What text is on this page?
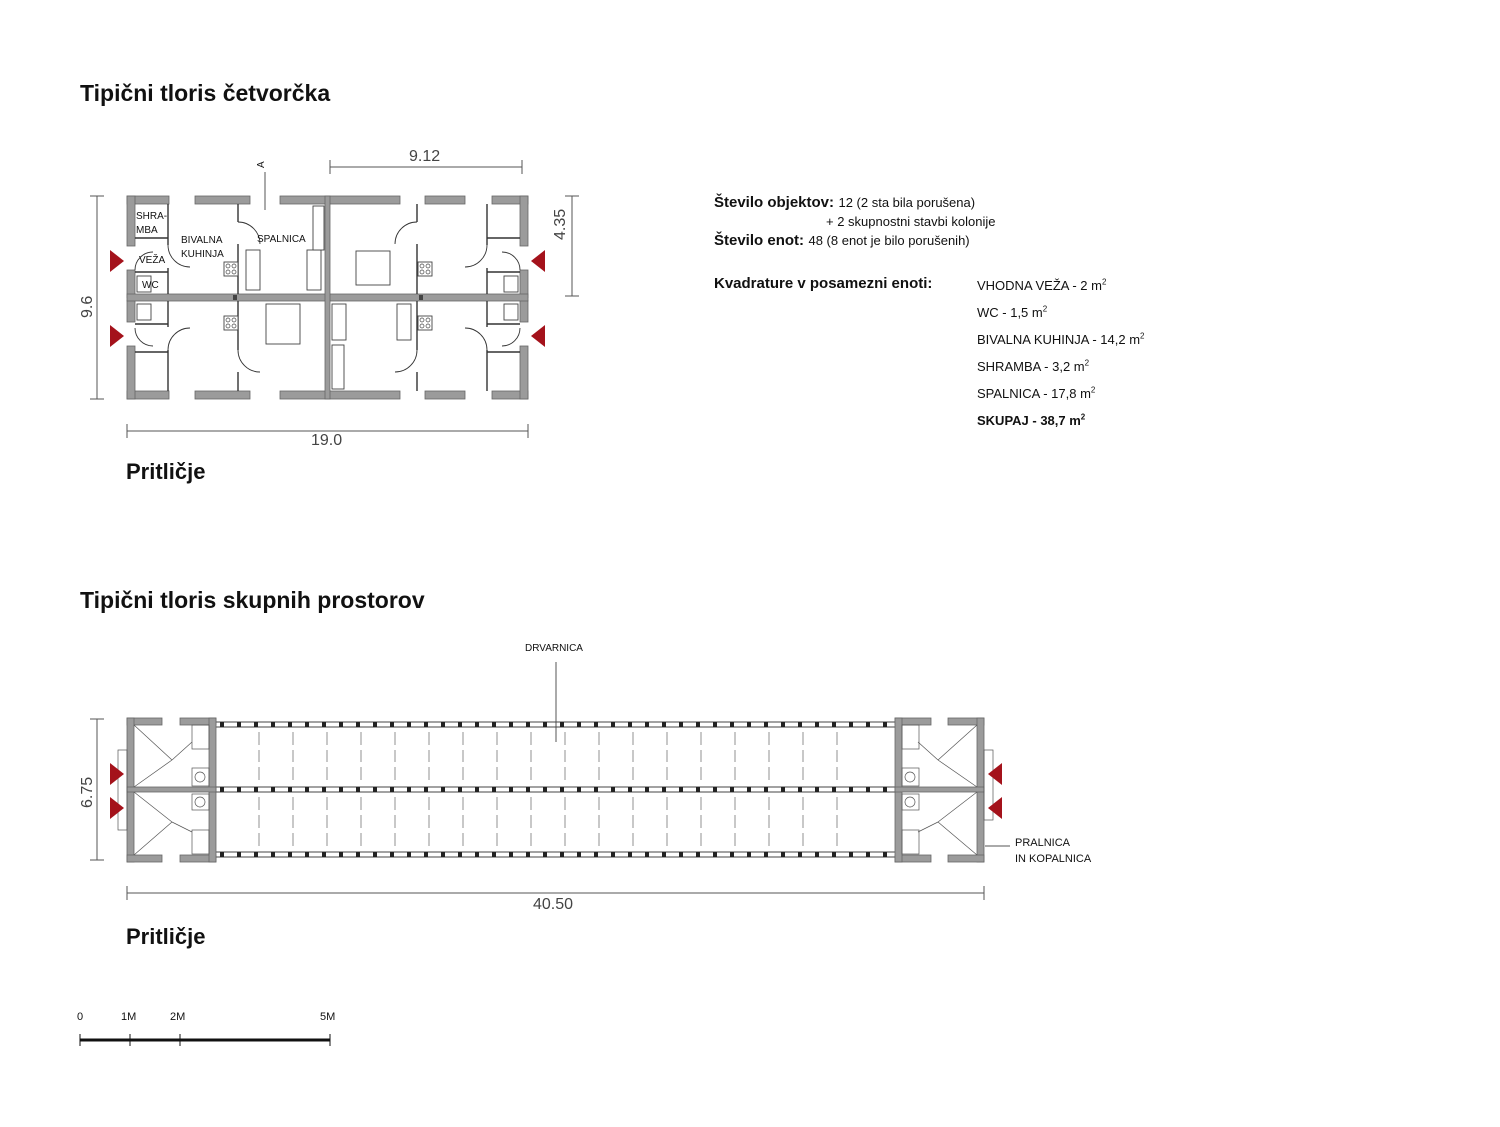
Tipični tloris četvorčka
Tipični tloris skupnih prostorov
9.12
4.35
9.6
19.0
A
SHRA-
MBA
BIVALNA
KUHINJA
SPALNICA
VEŽA
WC
Pritličje
Število objektov: 12 (2 sta bila porušena)
+ 2 skupnostni stavbi kolonije
Število enot: 48 (8 enot je bilo porušenih)
Kvadrature v posamezni enoti:	VHODNA VEŽA - 2 $m^2$
WC - 1,5 $m^2$
BIVALNA KUHINJA - 14,2 $m^2$
SHRAMBA - 3,2 $m^2$
SPALNICA - 17,8 $m^2$
SKUPAJ - 38,7 $m^2$
DRVARNICA
PRALNICA
IN KOPALNICA
6.75
40.50
Pritličje
0	1M	2M	5M
